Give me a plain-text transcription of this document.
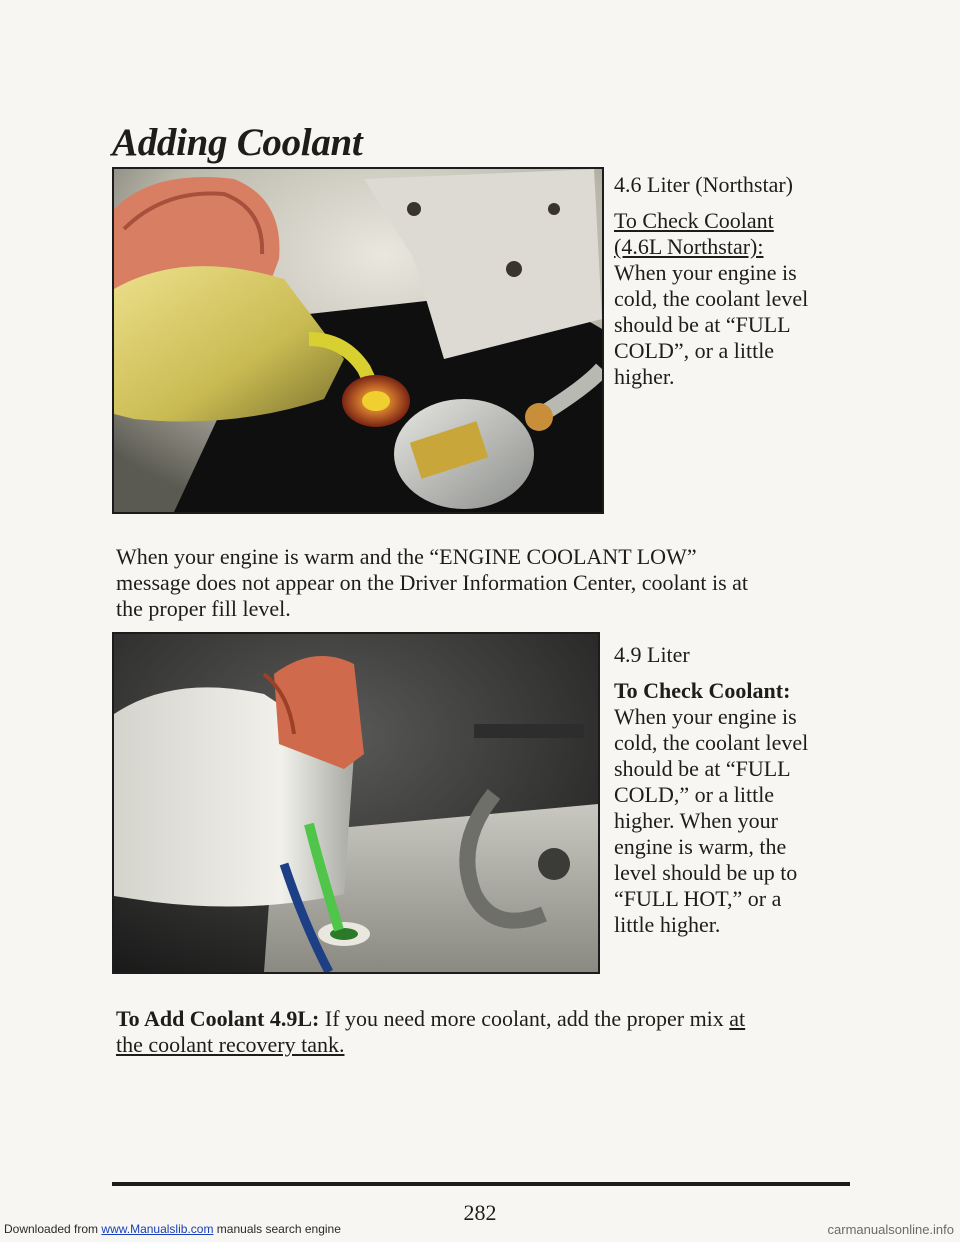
Downloaded from www.Manualslib.com manuals search engine	carmanualsonline.info
Adding Coolant

4.6 Liter (Northstar)

To Check Coolant

(4.6L Northstar):

When your engine is

cold, the coolant level

should be at “FULL

COLD”, or a little

higher.

When your engine is warm and the “ENGINE COOLANT LOW”
message does not appear on the Driver Information Center, coolant is at
the proper fill level.

4.9 Liter

To Check Coolant:

When your engine is

cold, the coolant level

should be at “FULL

COLD,” or a little

higher. When your

engine is warm, the

level should be up to

“FULL HOT,” or a

little higher.

To Add Coolant 4.9L: If you need more coolant, add the proper mix at
the coolant recovery tank.
282
